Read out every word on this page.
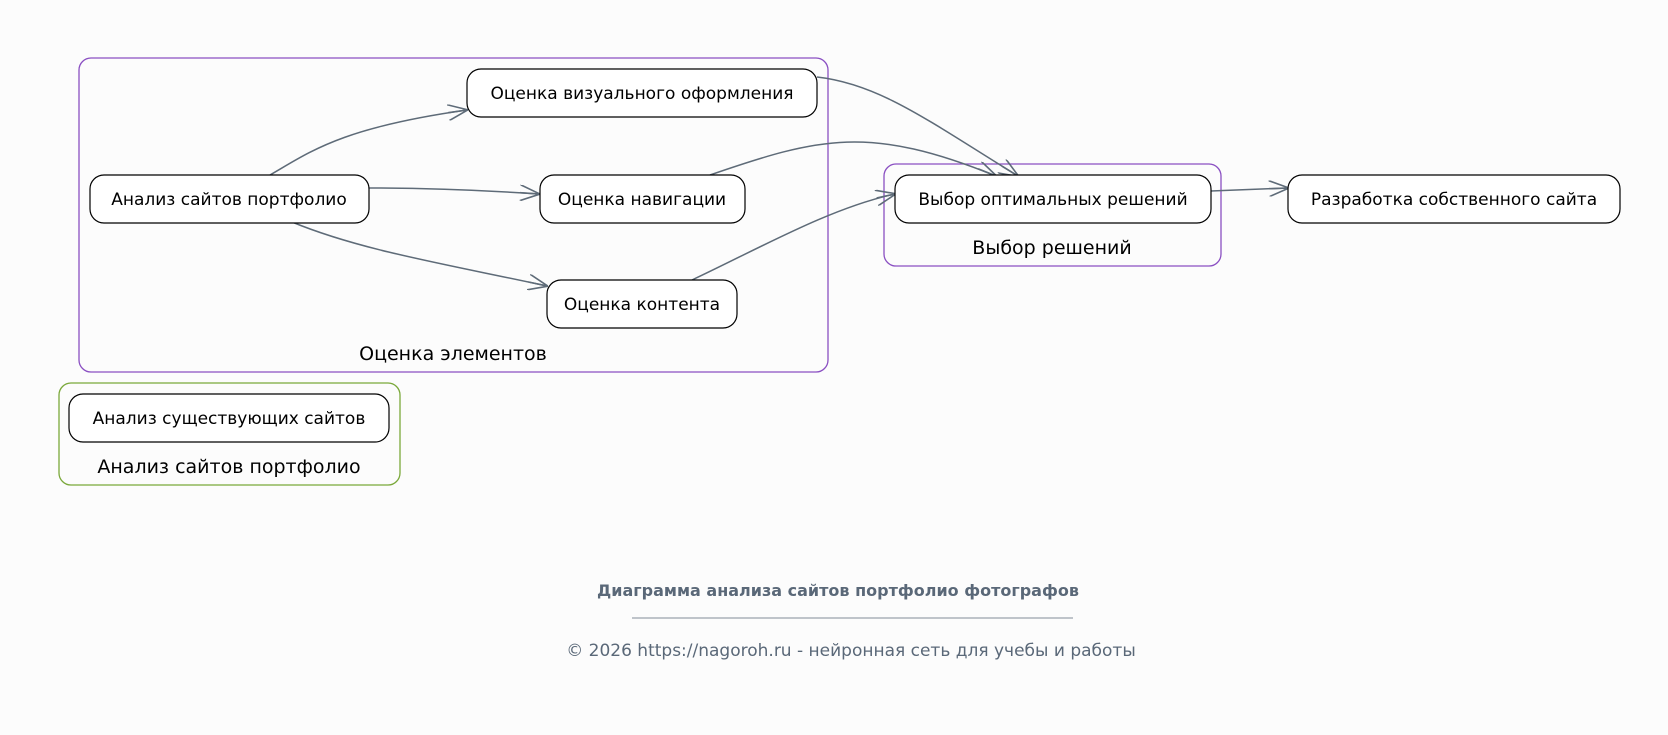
Оценка элементов
Выбор решений
Анализ сайтов портфолио
Оценка визуального оформления
Анализ сайтов портфолио	Оценка навигации
Оценка контента
Выбор оптимальных решений	Разработка собственного сайта
Анализ существующих сайтов
Диаграмма анализа сайтов портфолио фотографов
© 2026 https://nagoroh.ru - нейронная сеть для учебы и работы
